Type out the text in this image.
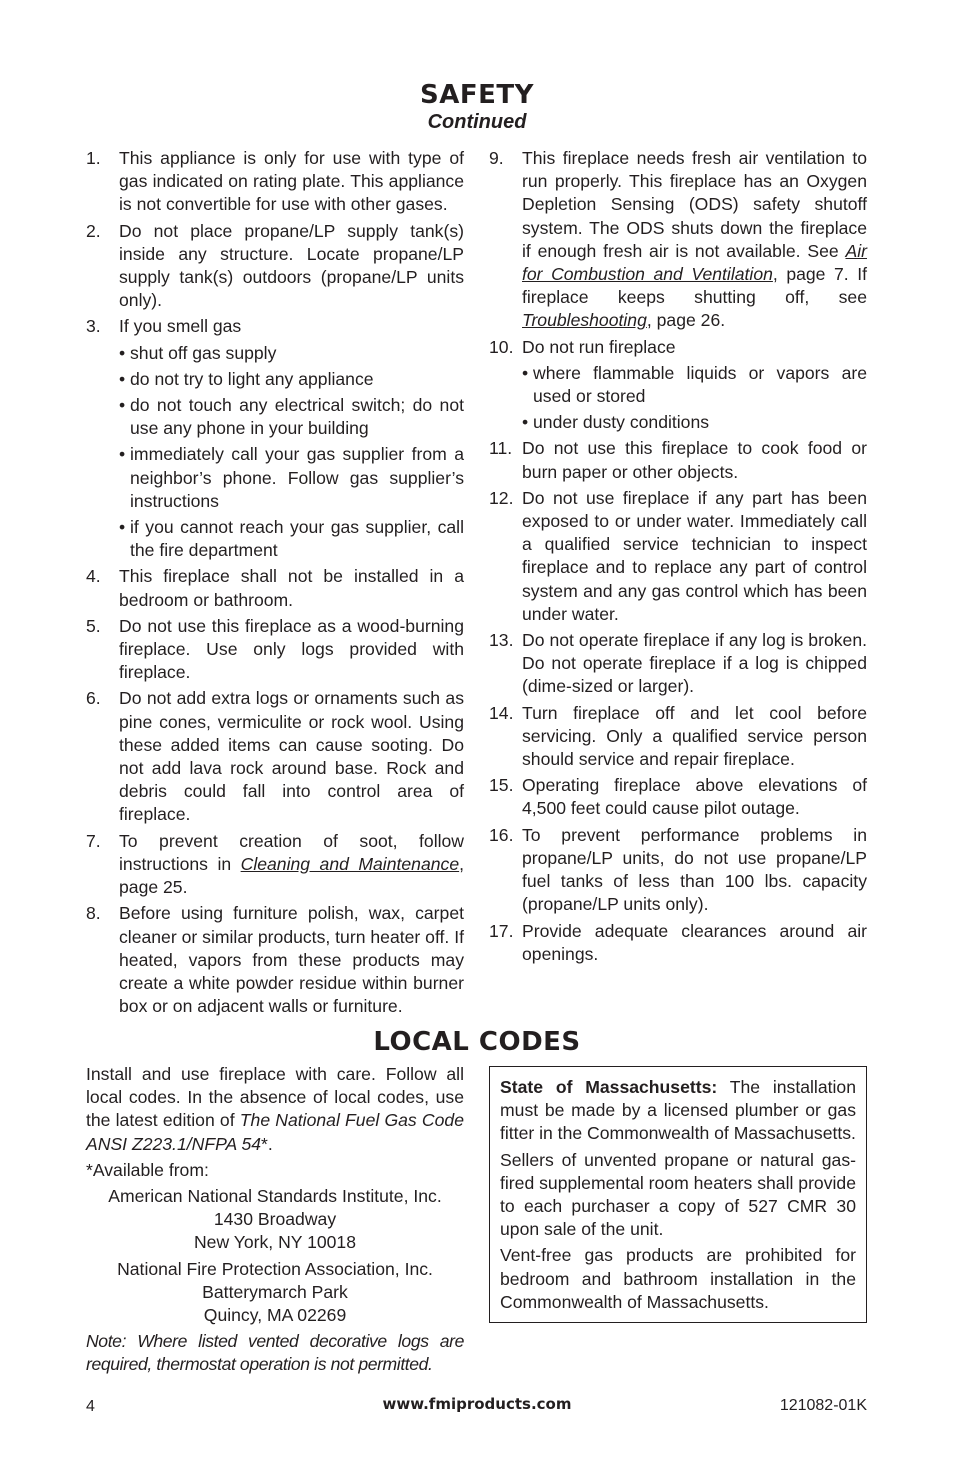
SAFETY
Continued
1.	This appliance is only for use with type of gas indicated on rating plate. This appliance is not convertible for use with other gases.
2.	Do not place propane/LP supply tank(s) inside any structure. Locate propane/LP supply tank(s) outdoors (propane/LP units only).
3.	If you smell gas
• shut off gas supply
• do not try to light any appliance
• do not touch any electrical switch; do not use any phone in your building
• immediately call your gas supplier from a neighbor’s phone. Follow gas supplier’s instructions
• if you cannot reach your gas supplier, call the fire department
4.	This fireplace shall not be installed in a bedroom or bathroom.
5.	Do not use this fireplace as a wood-burning fireplace. Use only logs provided with fireplace.
6.	Do not add extra logs or ornaments such as pine cones, vermiculite or rock wool. Using these added items can cause sooting. Do not add lava rock around base. Rock and debris could fall into control area of fireplace.
7.	To prevent creation of soot, follow instructions in Cleaning and Maintenance, page 25.
8.	Before using furniture polish, wax, carpet cleaner or similar products, turn heater off. If heated, vapors from these products may create a white powder residue within burner box or on adjacent walls or furniture.
9.	This fireplace needs fresh air ventilation to run properly. This fireplace has an Oxygen Depletion Sensing (ODS) safety shutoff system. The ODS shuts down the fireplace if enough fresh air is not available. See Air for Combustion and Ventilation, page 7. If fireplace keeps shutting off, see Troubleshooting, page 26.
10. Do not run fireplace
• where flammable liquids or vapors are used or stored
• under dusty conditions
11. Do not use this fireplace to cook food or burn paper or other objects.
12. Do not use fireplace if any part has been exposed to or under water. Immediately call a qualified service technician to inspect fireplace and to replace any part of control system and any gas control which has been under water.
13. Do not operate fireplace if any log is broken. Do not operate fireplace if a log is chipped (dime-sized or larger).
14. Turn fireplace off and let cool before servicing. Only a qualified service person should service and repair fireplace.
15. Operating fireplace above elevations of 4,500 feet could cause pilot outage.
16. To prevent performance problems in propane/LP units, do not use propane/LP fuel tanks of less than 100 lbs. capacity (propane/LP units only).
17. Provide adequate clearances around air openings.
LOCAL CODES

Install and use fireplace with care. Follow all local codes. In the absence of local codes, use the latest edition of The National Fuel Gas Code ANSI Z223.1/NFPA 54*.

*Available from:

American National Standards Institute, Inc.
1430 Broadway
New York, NY 10018
National Fire Protection Association, Inc.
Batterymarch Park
Quincy, MA 02269

Note: Where listed vented decorative logs are required, thermostat operation is not permitted.

State of Massachusetts: The installation must be made by a licensed plumber or gas fitter in the Commonwealth of Massachusetts.

Sellers of unvented propane or natural gas-fired supplemental room heaters shall provide to each purchaser a copy of 527 CMR 30 upon sale of the unit.

Vent-free gas products are prohibited for bedroom and bathroom installation in the Commonwealth of Massachusetts.

4	www.fmiproducts.com	121082-01K
